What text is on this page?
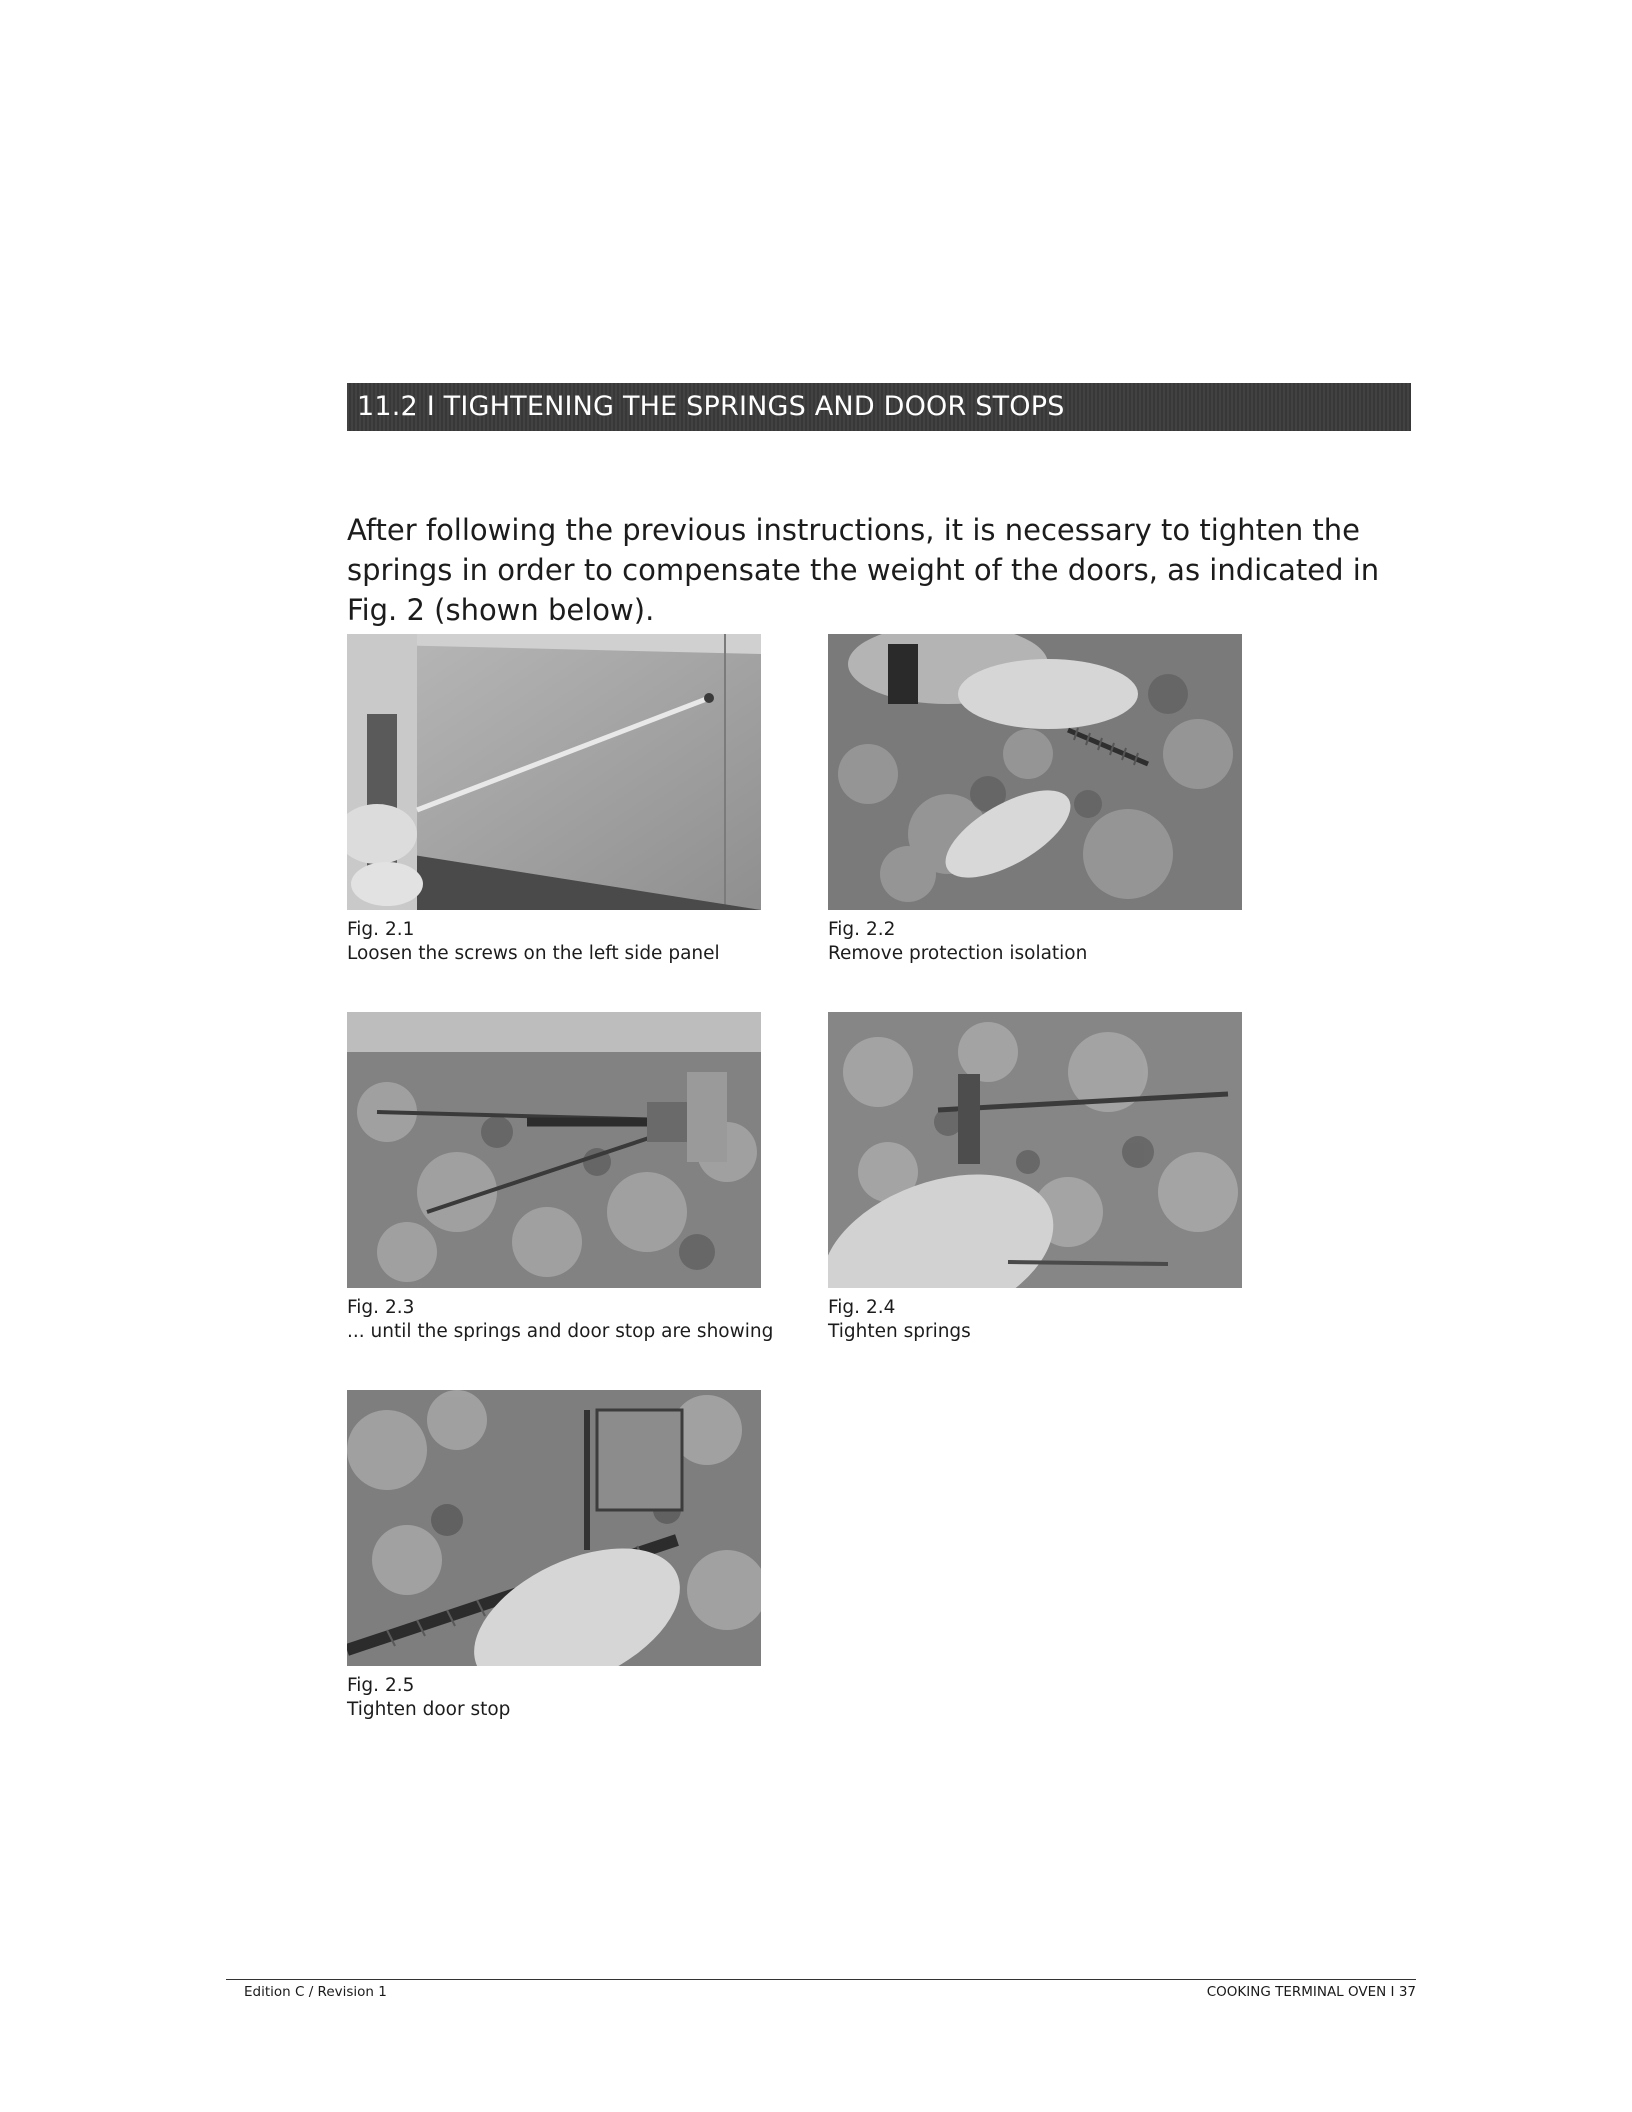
11.2 I TIGHTENING THE SPRINGS AND DOOR STOPS

After following the previous instructions, it is necessary to tighten the springs in order to compensate the weight of the doors, as indicated in Fig. 2 (shown below).

Fig. 2.1
Loosen the screws on the left side panel
Fig. 2.2
Remove protection isolation
Fig. 2.3
... until the springs and door stop are showing
Fig. 2.4
Tighten springs
Fig. 2.5
Tighten door stop
Edition C / Revision 1	COOKING TERMINAL OVEN I 37
